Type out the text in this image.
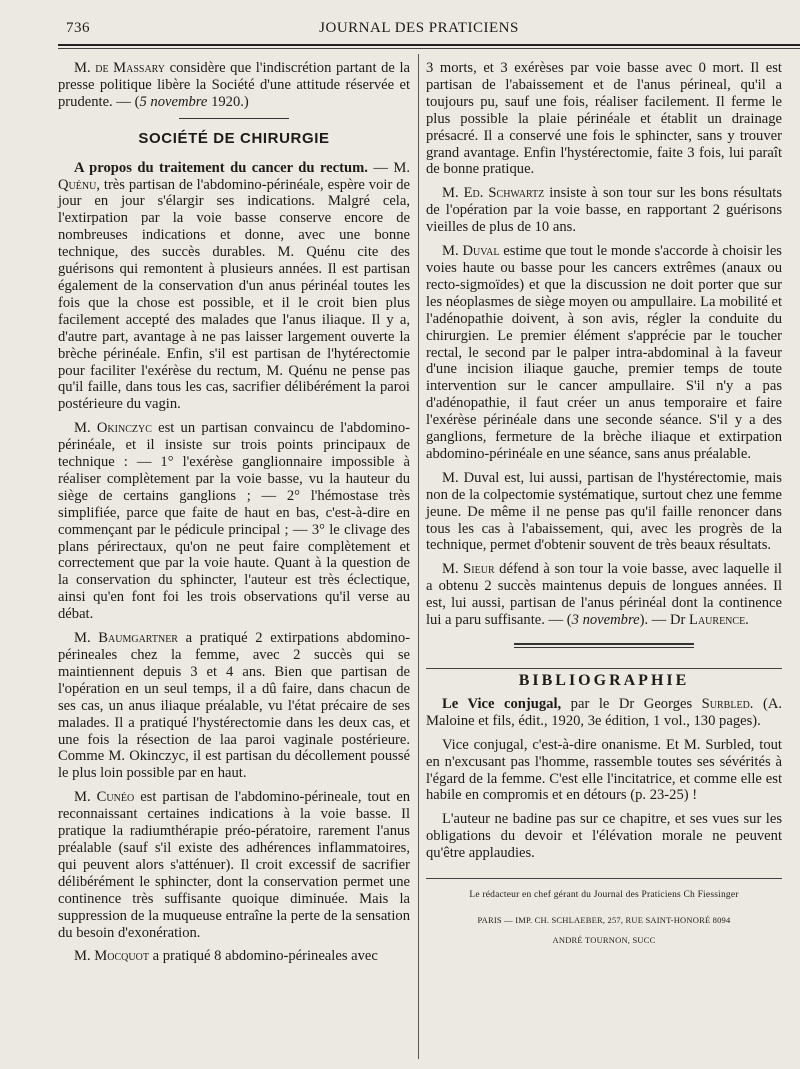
736	JOURNAL DES PRATICIENS

M. de Massary considère que l'indiscrétion partant de la presse politique libère la Société d'une attitude réservée et prudente. — (5 novembre 1920.)

SOCIÉTÉ DE CHIRURGIE

A propos du traitement du cancer du rectum. — M. Quénu, très partisan de l'abdomino-périnéale, espère voir de jour en jour s'élargir ses indications. Malgré cela, l'extirpation par la voie basse conserve encore de nombreuses indications et donne, avec une bonne technique, des succès durables. M. Quénu cite des guérisons qui remontent à plusieurs années. Il est partisan également de la conservation d'un anus périnéal toutes les fois que la chose est possible, et il le croit bien plus facilement accepté des malades que l'anus iliaque. Il y a, d'autre part, avantage à ne pas laisser largement ouverte la brèche périnéale. Enfin, s'il est partisan de l'hytérectomie pour faciliter l'exérèse du rectum, M. Quénu ne pense pas qu'il faille, dans tous les cas, sacrifier délibérément la paroi postérieure du vagin.

M. Okinczyc est un partisan convaincu de l'abdomino-périnéale, et il insiste sur trois points principaux de technique : — 1° l'exérèse ganglionnaire impossible à réaliser complètement par la voie basse, vu la hauteur du siège de certains ganglions ; — 2° l'hémostase très simplifiée, parce que faite de haut en bas, c'est-à-dire en commençant par le pédicule principal ; — 3° le clivage des plans périrectaux, qu'on ne peut faire complètement et correctement que par la voie haute. Quant à la question de la conservation du sphincter, l'auteur est très éclectique, ainsi qu'en font foi les trois observations qu'il verse au débat.

M. Baumgartner a pratiqué 2 extirpations abdomino-périneales chez la femme, avec 2 succès qui se maintiennent depuis 3 et 4 ans. Bien que partisan de l'opération en un seul temps, il a dû faire, dans chacun de ses cas, un anus iliaque préalable, vu l'état précaire de ses malades. Il a pratiqué l'hystérectomie dans les deux cas, et une fois la résection de laa paroi vaginale postérieure. Comme M. Okinczyc, il est partisan du décollement poussé le plus loin possible par en haut.

M. Cunéo est partisan de l'abdomino-périneale, tout en reconnaissant certaines indications à la voie basse. Il pratique la radiumthérapie préo-pératoire, rarement l'anus préalable (sauf s'il existe des adhérences inflammatoires, qui peuvent alors s'atténuer). Il croit excessif de sacrifier délibérément le sphincter, dont la conservation permet une continence très suffisante quoique diminuée. Mais la suppression de la muqueuse entraîne la perte de la sensation du besoin d'exonération.

M. Mocquot a pratiqué 8 abdomino-périneales avec

3 morts, et 3 exérèses par voie basse avec 0 mort. Il est partisan de l'abaissement et de l'anus périneal, qu'il a toujours pu, sauf une fois, réaliser facilement. Il ferme le plus possible la plaie périnéale et établit un drainage présacré. Il a conservé une fois le sphincter, sans y trouver grand avantage. Enfin l'hystérectomie, faite 3 fois, lui paraît de bonne pratique.

M. Ed. Schwartz insiste à son tour sur les bons résultats de l'opération par la voie basse, en rapportant 2 guérisons vieilles de plus de 10 ans.

M. Duval estime que tout le monde s'accorde à choisir les voies haute ou basse pour les cancers extrêmes (anaux ou recto-sigmoïdes) et que la discussion ne doit porter que sur les néoplasmes de siège moyen ou ampullaire. La mobilité et l'adénopathie doivent, à son avis, régler la conduite du chirurgien. Le premier élément s'apprécie par le toucher rectal, le second par le palper intra-abdominal à la faveur d'une incision iliaque gauche, premier temps de toute intervention sur le cancer ampullaire. S'il n'y a pas d'adénopathie, il faut créer un anus temporaire et faire l'exérèse périnéale dans une seconde séance. S'il y a des ganglions, fermeture de la brèche iliaque et extirpation abdomino-périnéale en une séance, sans anus préalable.

M. Duval est, lui aussi, partisan de l'hystérectomie, mais non de la colpectomie systématique, surtout chez une femme jeune. De même il ne pense pas qu'il faille renoncer dans tous les cas à l'abaissement, qui, avec les progrès de la technique, permet d'obtenir souvent de très beaux résultats.

M. Sieur défend à son tour la voie basse, avec laquelle il a obtenu 2 succès maintenus depuis de longues années. Il est, lui aussi, partisan de l'anus périnéal dont la continence lui a paru suffisante. — (3 novembre). — Dr Laurence.

BIBLIOGRAPHIE

Le Vice conjugal, par le Dr Georges Surbled. (A. Maloine et fils, édit., 1920, 3e édition, 1 vol., 130 pages).

Vice conjugal, c'est-à-dire onanisme. Et M. Surbled, tout en n'excusant pas l'homme, rassemble toutes ses sévérités à l'égard de la femme. C'est elle l'incitatrice, et comme elle est habile en compromis et en détours (p. 23-25) !

L'auteur ne badine pas sur ce chapitre, et ses vues sur les obligations du devoir et l'élévation morale ne peuvent qu'être applaudies.

Le rédacteur en chef gérant du Journal des Praticiens Ch Fiessinger
PARIS — IMP. CH. SCHLAEBER, 257, RUE SAINT-HONORÉ 8094
ANDRÉ TOURNON, SUCC
